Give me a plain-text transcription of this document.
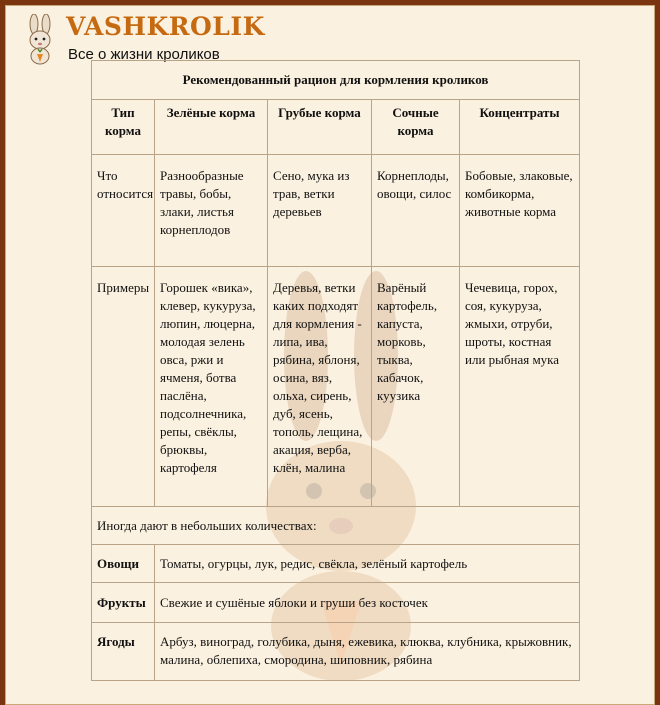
VASHKROLIK
Все о жизни кроликов
Рекомендованный рацион для кормления кроликов				
Тип корма	Зелёные корма	Грубые корма	Сочные корма	Концентраты
Что относится	Разнообразные травы, бобы, злаки, листья корнеплодов	Сено, мука из трав, ветки деревьев	Корнеплоды, овощи, силос	Бобовые, злаковые, комбикорма, животные корма
Примеры	Горошек «вика», клевер, кукуруза, люпин, люцерна, молодая зелень овса, ржи и ячменя, ботва паслёна, подсолнечника, репы, свёклы, брюквы, картофеля	Деревья, ветки каких подходят для кормления - липа, ива, рябина, яблоня, осина, вяз, ольха, сирень, дуб, ясень, тополь, лещина, акация, верба, клён, малина	Варёный картофель, капуста, морковь, тыква, кабачок, куузика	Чечевица, горох, соя, кукуруза, жмыхи, отруби, шроты, костная или рыбная мука
Иногда дают в небольших количествах:				
Овощи	Томаты, огурцы, лук, редис, свёкла, зелёный картофель			
Фрукты	Свежие и сушёные яблоки и груши без косточек			
Ягоды	Арбуз, виноград, голубика, дыня, ежевика, клюква, клубника, крыжовник, малина, облепиха, смородина, шиповник, рябина			
